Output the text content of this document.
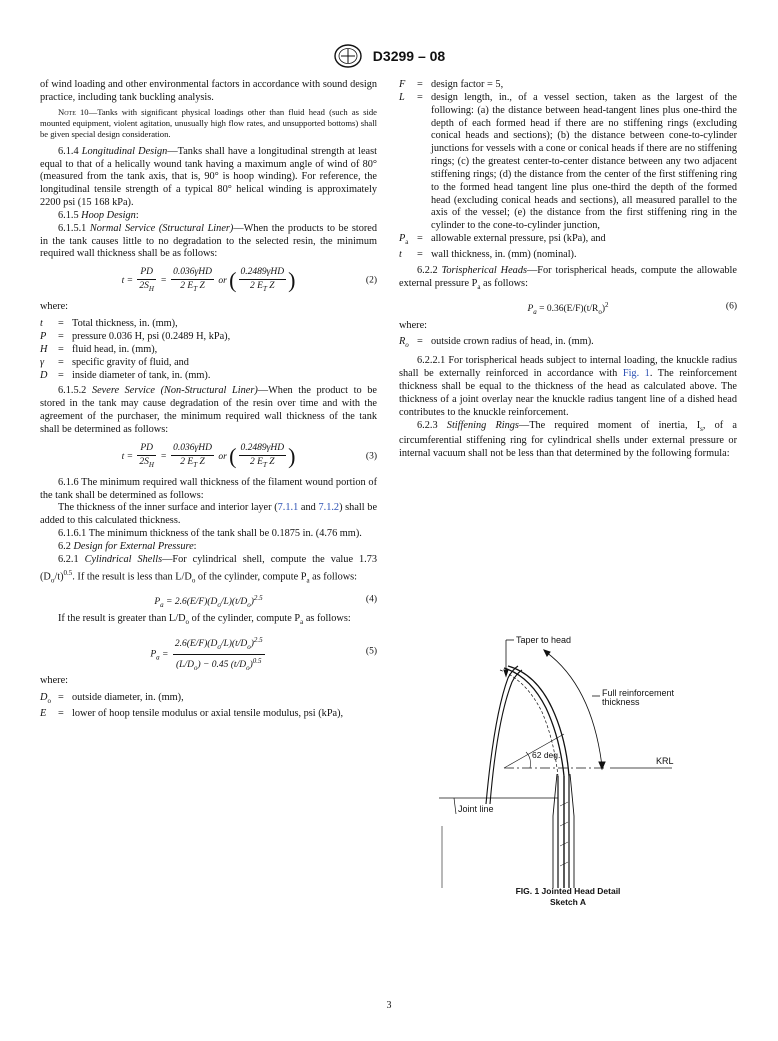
D3299 – 08

of wind loading and other environmental factors in accordance with sound design practice, including tank buckling analysis.

Note 10—Tanks with significant physical loadings other than fluid head (such as side mounted equipment, violent agitation, unusually high flow rates, and unsupported bottoms) shall be given special design consideration.

6.1.4 Longitudinal Design—Tanks shall have a longitudinal strength at least equal to that of a helically wound tank having a maximum angle of wind of 80° (measured from the tank axis, that is, 90° is hoop winding). For reference, the longitudinal tensile strength of a typical 80° helical winding is approximately 2200 psi (15 168 kPa).

6.1.5 Hoop Design:

6.1.5.1 Normal Service (Structural Liner)—When the products to be stored in the tank causes little to no degradation to the selected resin, the minimum required wall thickness shall be as follows:

$t = \frac{PD}{2S_H} = \frac{\text{0.036γHD}}{2 E_T Z}$ or ( $\frac{\text{0.2489γHD}}{2 E_T Z}$ )	(2)

where:

t	= Total thickness, in. (mm),
P	= pressure 0.036 H, psi (0.2489 H, kPa),
H	= fluid head, in. (mm),
γ	= specific gravity of fluid, and
D	= inside diameter of tank, in. (mm).

6.1.5.2 Severe Service (Non-Structural Liner)—When the product to be stored in the tank may cause degradation of the resin over time and with the agreement of the purchaser, the minimum required wall thickness of the tank shall be determined as follows:

$t = \frac{PD}{2S_H} = \frac{\text{0.036γHD}}{2 E_T Z}$ or ( $\frac{\text{0.2489γHD}}{2 E_T Z}$ )	(3)

6.1.6 The minimum required wall thickness of the filament wound portion of the tank shall be determined as follows:

The thickness of the inner surface and interior layer (7.1.1 and 7.1.2) shall be added to this calculated thickness.

6.1.6.1 The minimum thickness of the tank shall be 0.1875 in. (4.76 mm).

6.2 Design for External Pressure:

6.2.1 Cylindrical Shells—For cylindrical shell, compute the value 1.73 $(D_o/t)^{0.5}$. If the result is less than $L/D_o$ of the cylinder, compute $P_a$ as follows:

$P_a = 2.6(E/F)(D_o/L)(t/D_o)^{2.5}$	(4)

If the result is greater than $L/D_o$ of the cylinder, compute $P_a$ as follows:

$P_a = \frac{2.6(E/F)(D_o/L)(t/D_o)^{2.5}}{(L/D_o) - 0.45 (t/D_o)^{0.5}}$	(5)

where:

$D_o$ = outside diameter, in. (mm),
E	= lower of hoop tensile modulus or axial tensile modulus, psi (kPa),
F	= design factor = 5,
L	= design length, in., of a vessel section, taken as the largest of the following: (a) the distance between head-tangent lines plus one-third the depth of each formed head if there are no stiffening rings (excluding conical heads and sections); (b) the distance between cone-to-cylinder junctions for vessels with a cone or conical heads if there are no stiffening rings; (c) the greatest center-to-center distance between any two adjacent stiffening rings; (d) the distance from the center of the first stiffening ring to the formed head tangent line plus one-third the depth of the formed head (excluding conical heads and sections), all measured parallel to the axis of the vessel; (e) the distance from the first stiffening ring in the cylinder to the cone-to-cylinder junction,
$P_a$ = allowable external pressure, psi (kPa), and
t	= wall thickness, in. (mm) (nominal).

6.2.2 Torispherical Heads—For torispherical heads, compute the allowable external pressure $P_a$ as follows:

$P_a = 0.36(E/F)(t/R_o)^2$	(6)

where:

$R_o$ = outside crown radius of head, in. (mm).

6.2.2.1 For torispherical heads subject to internal loading, the knuckle radius shall be externally reinforced in accordance with Fig. 1. The reinforcement thickness shall be equal to the thickness of the head as calculated above. The thickness of a joint overlay near the knuckle radius tangent line of a dished head contributes to the knuckle reinforcement.

6.2.3 Stiffening Rings—The required moment of inertia, $I_s$, of a circumferential stiffening ring for cylindrical shells under external pressure or internal vacuum shall not be less than that determined by the following formula:

Taper to head
Full reinforcement
thickness
62 deg.
KRL
Joint line
FIG. 1 Jointed Head Detail
Sketch A
3
